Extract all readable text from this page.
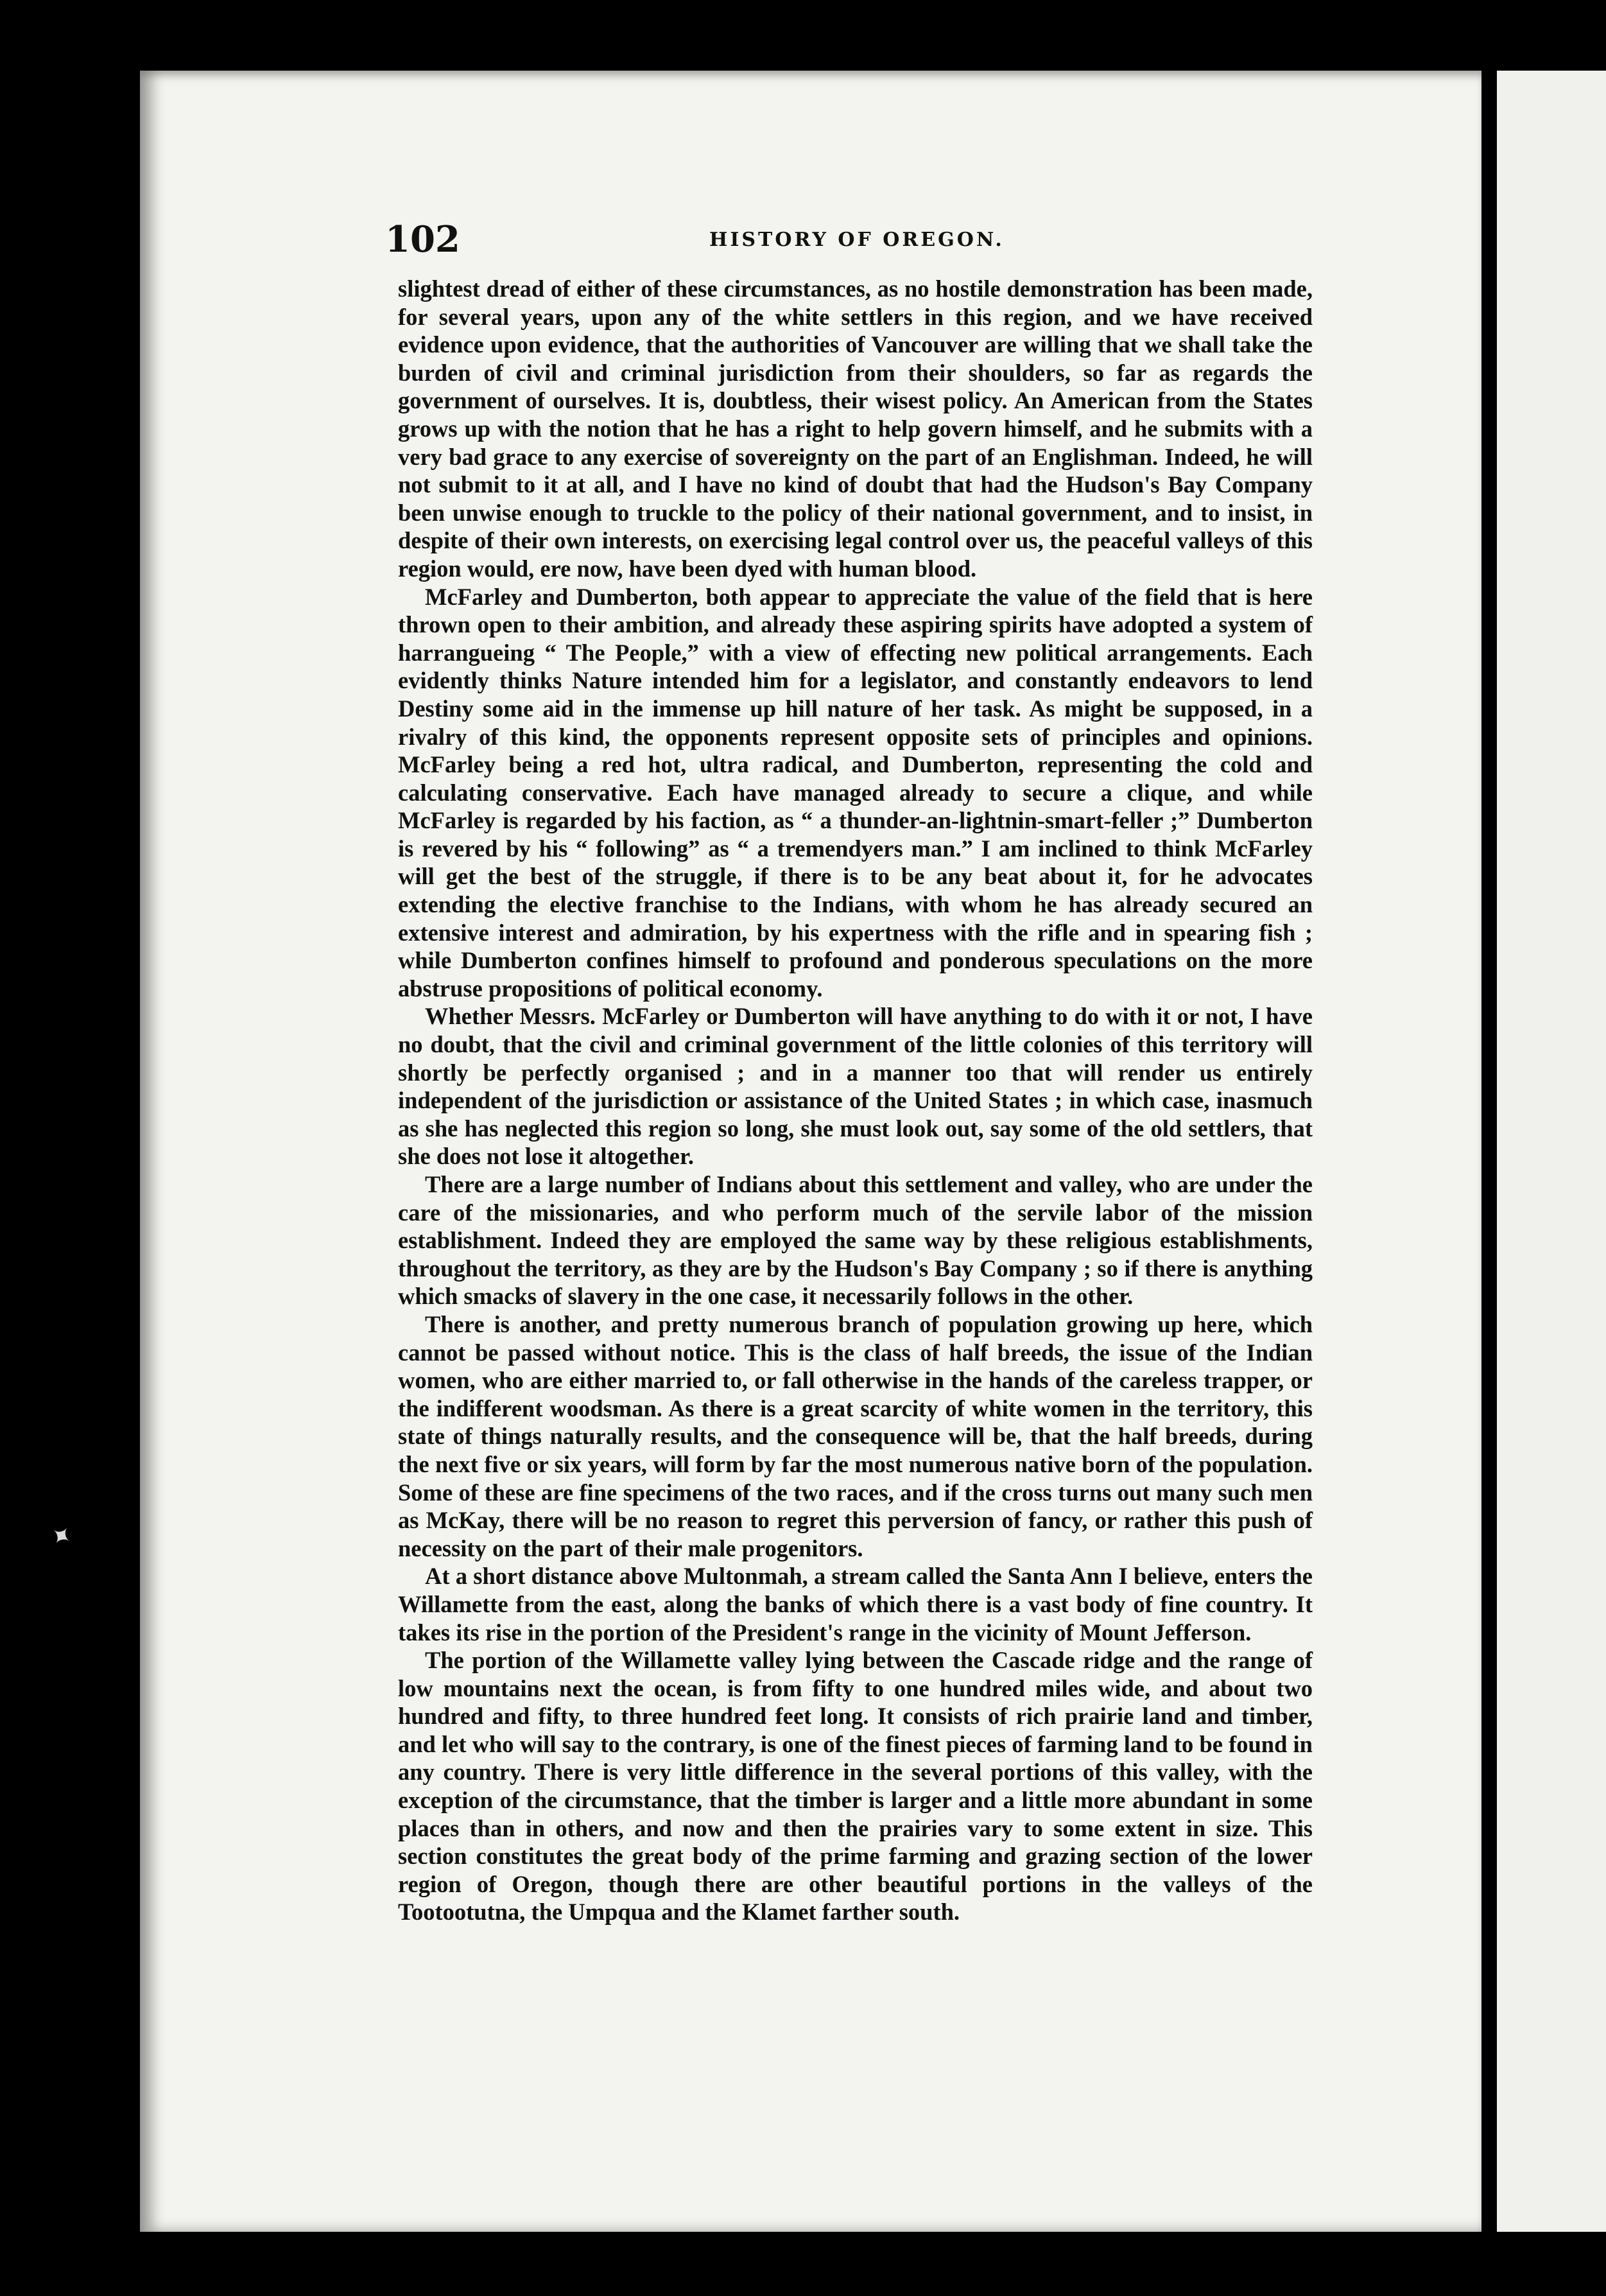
✦
102	HISTORY OF OREGON.

slightest dread of either of these circumstances, as no hostile demonstration has been made, for several years, upon any of the white settlers in this region, and we have received evidence upon evidence, that the authorities of Vancouver are willing that we shall take the burden of civil and criminal jurisdiction from their shoulders, so far as regards the government of ourselves. It is, doubtless, their wisest policy. An American from the States grows up with the notion that he has a right to help govern himself, and he submits with a very bad grace to any exercise of sovereignty on the part of an Englishman. Indeed, he will not submit to it at all, and I have no kind of doubt that had the Hudson's Bay Company been unwise enough to truckle to the policy of their national government, and to insist, in despite of their own interests, on exercising legal control over us, the peaceful valleys of this region would, ere now, have been dyed with human blood.

McFarley and Dumberton, both appear to appreciate the value of the field that is here thrown open to their ambition, and already these aspiring spirits have adopted a system of harrangueing “ The People,” with a view of effecting new political arrangements. Each evidently thinks Nature intended him for a legislator, and constantly endeavors to lend Destiny some aid in the immense up hill nature of her task. As might be supposed, in a rivalry of this kind, the opponents represent opposite sets of principles and opinions. McFarley being a red hot, ultra radical, and Dumberton, representing the cold and calculating conservative. Each have managed already to secure a clique, and while McFarley is regarded by his faction, as “ a thunder-an-lightnin-smart-feller ;” Dumberton is revered by his “ following” as “ a tremendyers man.” I am inclined to think McFarley will get the best of the struggle, if there is to be any beat about it, for he advocates extending the elective franchise to the Indians, with whom he has already secured an extensive interest and admiration, by his expertness with the rifle and in spearing fish ; while Dumberton confines himself to profound and ponderous speculations on the more abstruse propositions of political economy.

Whether Messrs. McFarley or Dumberton will have anything to do with it or not, I have no doubt, that the civil and criminal government of the little colonies of this territory will shortly be perfectly organised ; and in a manner too that will render us entirely independent of the jurisdiction or assistance of the United States ; in which case, inasmuch as she has neglected this region so long, she must look out, say some of the old settlers, that she does not lose it altogether.

There are a large number of Indians about this settlement and valley, who are under the care of the missionaries, and who perform much of the servile labor of the mission establishment. Indeed they are employed the same way by these religious establishments, throughout the territory, as they are by the Hudson's Bay Company ; so if there is anything which smacks of slavery in the one case, it necessarily follows in the other.

There is another, and pretty numerous branch of population growing up here, which cannot be passed without notice. This is the class of half breeds, the issue of the Indian women, who are either married to, or fall otherwise in the hands of the careless trapper, or the indifferent woodsman. As there is a great scarcity of white women in the territory, this state of things naturally results, and the consequence will be, that the half breeds, during the next five or six years, will form by far the most numerous native born of the population. Some of these are fine specimens of the two races, and if the cross turns out many such men as McKay, there will be no reason to regret this perversion of fancy, or rather this push of necessity on the part of their male progenitors.

At a short distance above Multonmah, a stream called the Santa Ann I believe, enters the Willamette from the east, along the banks of which there is a vast body of fine country. It takes its rise in the portion of the President's range in the vicinity of Mount Jefferson.

The portion of the Willamette valley lying between the Cascade ridge and the range of low mountains next the ocean, is from fifty to one hundred miles wide, and about two hundred and fifty, to three hundred feet long. It consists of rich prairie land and timber, and let who will say to the contrary, is one of the finest pieces of farming land to be found in any country. There is very little difference in the several portions of this valley, with the exception of the circumstance, that the timber is larger and a little more abundant in some places than in others, and now and then the prairies vary to some extent in size. This section constitutes the great body of the prime farming and grazing section of the lower region of Oregon, though there are other beautiful portions in the valleys of the Tootootutna, the Umpqua and the Klamet farther south.
